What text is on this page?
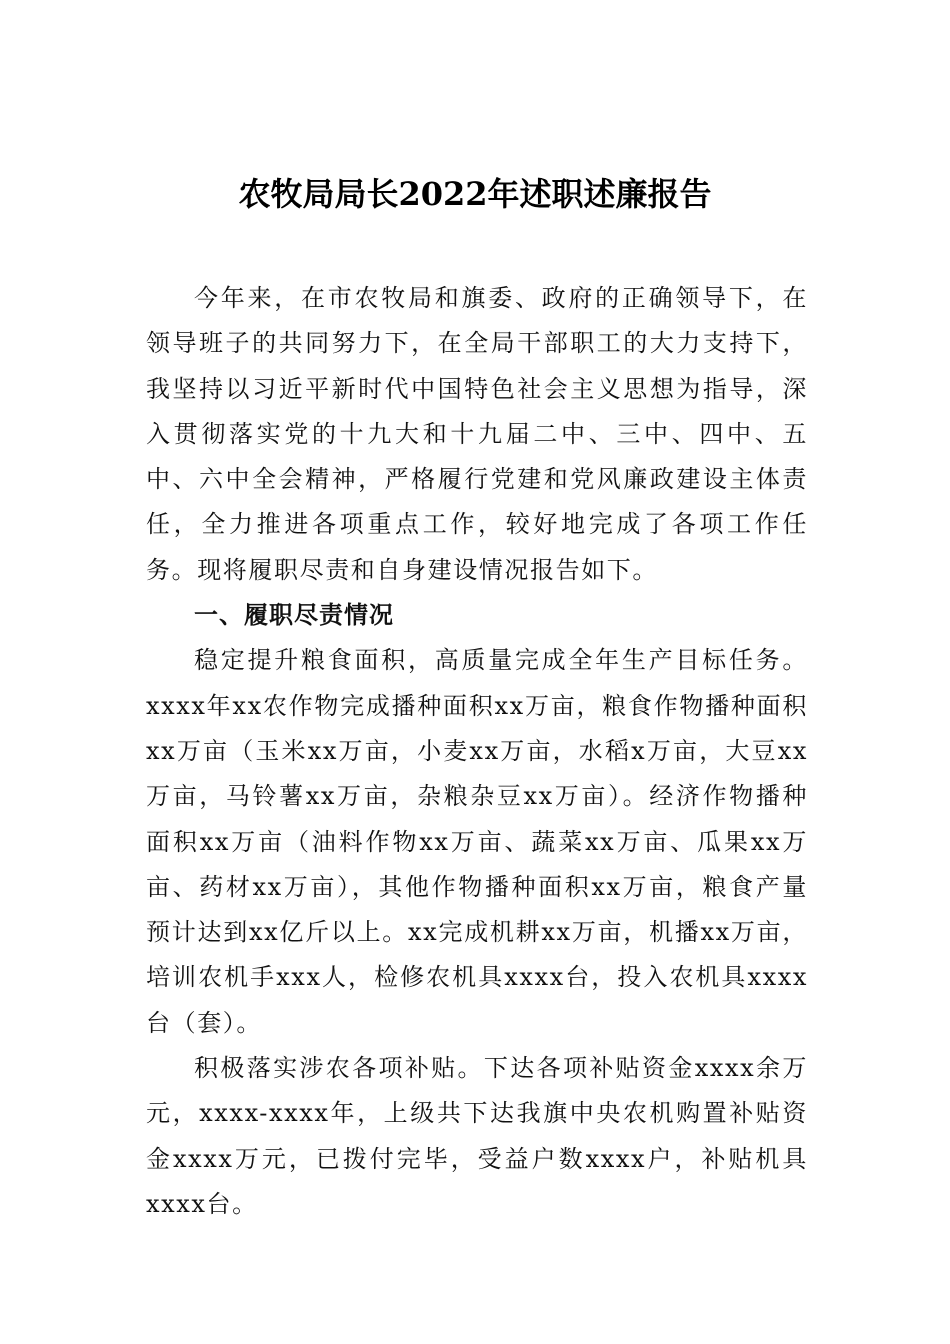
农牧局局长2022年述职述廉报告

今年来，在市农牧局和旗委、政府的正确领导下，在领导班子的共同努力下，在全局干部职工的大力支持下，我坚持以习近平新时代中国特色社会主义思想为指导，深入贯彻落实党的十九大和十九届二中、三中、四中、五中、六中全会精神，严格履行党建和党风廉政建设主体责任，全力推进各项重点工作，较好地完成了各项工作任务。现将履职尽责和自身建设情况报告如下。

一、履职尽责情况

稳定提升粮食面积，高质量完成全年生产目标任务。xxxx年xx农作物完成播种面积xx万亩，粮食作物播种面积xx万亩（玉米xx万亩，小麦xx万亩，水稻x万亩，大豆xx万亩，马铃薯xx万亩，杂粮杂豆xx万亩）。经济作物播种面积xx万亩（油料作物xx万亩、蔬菜xx万亩、瓜果xx万亩、药材xx万亩），其他作物播种面积xx万亩，粮食产量预计达到xx亿斤以上。xx完成机耕xx万亩，机播xx万亩，培训农机手xxx人，检修农机具xxxx台，投入农机具xxxx台（套）。

积极落实涉农各项补贴。下达各项补贴资金xxxx余万元，xxxx-xxxx年，上级共下达我旗中央农机购置补贴资金xxxx万元，已拨付完毕，受益户数xxxx户，补贴机具xxxx台。
